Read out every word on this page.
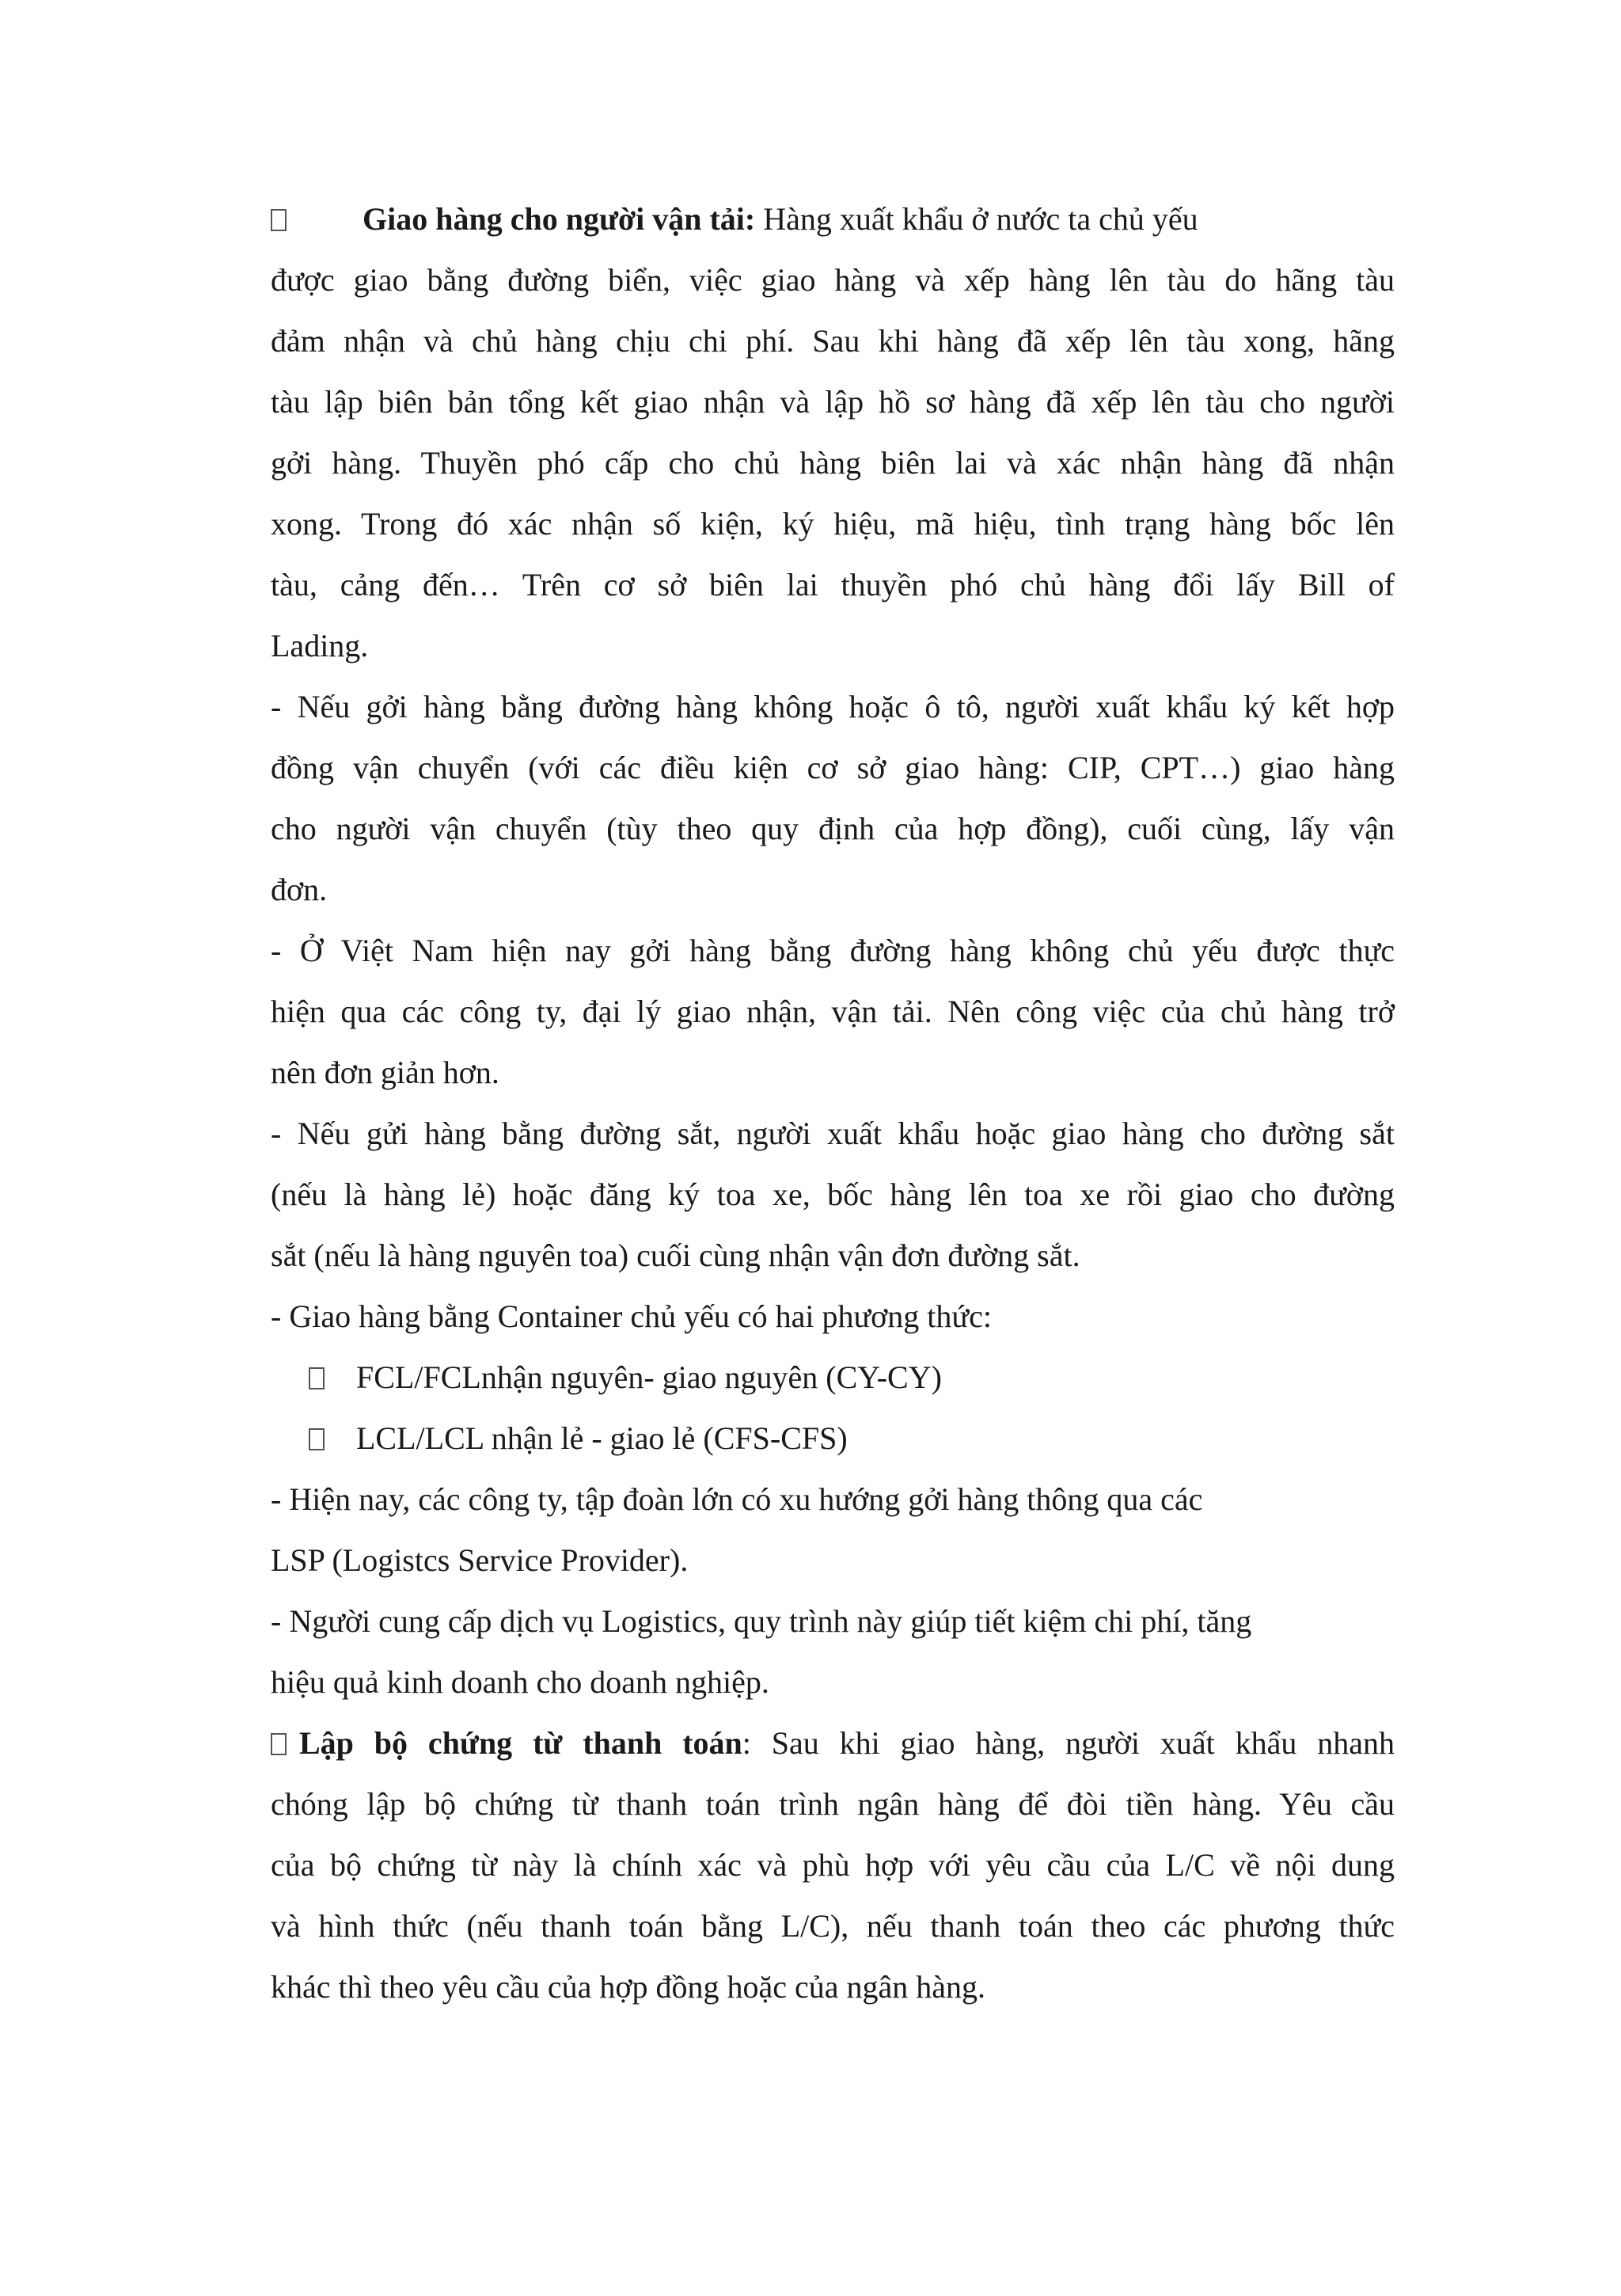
Giao hàng cho người vận tải: Hàng xuất khẩu ở nước ta chủ yếu
được giao bằng đường biển, việc giao hàng và xếp hàng lên tàu do hãng tàu
đảm nhận và chủ hàng chịu chi phí. Sau khi hàng đã xếp lên tàu xong, hãng
tàu lập biên bản tổng kết giao nhận và lập hồ sơ hàng đã xếp lên tàu cho người
gởi hàng. Thuyền phó cấp cho chủ hàng biên lai và xác nhận hàng đã nhận
xong. Trong đó xác nhận số kiện, ký hiệu, mã hiệu, tình trạng hàng bốc lên
tàu, cảng đến… Trên cơ sở biên lai thuyền phó chủ hàng đổi lấy Bill of
Lading.
- Nếu gởi hàng bằng đường hàng không hoặc ô tô, người xuất khẩu ký kết hợp
đồng vận chuyển (với các điều kiện cơ sở giao hàng: CIP, CPT…) giao hàng
cho người vận chuyển (tùy theo quy định của hợp đồng), cuối cùng, lấy vận
đơn.
- Ở Việt Nam hiện nay gởi hàng bằng đường hàng không chủ yếu được thực
hiện qua các công ty, đại lý giao nhận, vận tải. Nên công việc của chủ hàng trở
nên đơn giản hơn.
- Nếu gửi hàng bằng đường sắt, người xuất khẩu hoặc giao hàng cho đường sắt
(nếu là hàng lẻ) hoặc đăng ký toa xe, bốc hàng lên toa xe rồi giao cho đường
sắt (nếu là hàng nguyên toa) cuối cùng nhận vận đơn đường sắt.
- Giao hàng bằng Container chủ yếu có hai phương thức:
FCL/FCLnhận nguyên- giao nguyên (CY-CY)
LCL/LCL nhận lẻ - giao lẻ (CFS-CFS)
- Hiện nay, các công ty, tập đoàn lớn có xu hướng gởi hàng thông qua các
LSP (Logistcs Service Provider).
- Người cung cấp dịch vụ Logistics, quy trình này giúp tiết kiệm chi phí, tăng
hiệu quả kinh doanh cho doanh nghiệp.
Lập bộ chứng từ thanh toán: Sau khi giao hàng, người xuất khẩu nhanh
chóng lập bộ chứng từ thanh toán trình ngân hàng để đòi tiền hàng. Yêu cầu
của bộ chứng từ này là chính xác và phù hợp với yêu cầu của L/C về nội dung
và hình thức (nếu thanh toán bằng L/C), nếu thanh toán theo các phương thức
khác thì theo yêu cầu của hợp đồng hoặc của ngân hàng.
